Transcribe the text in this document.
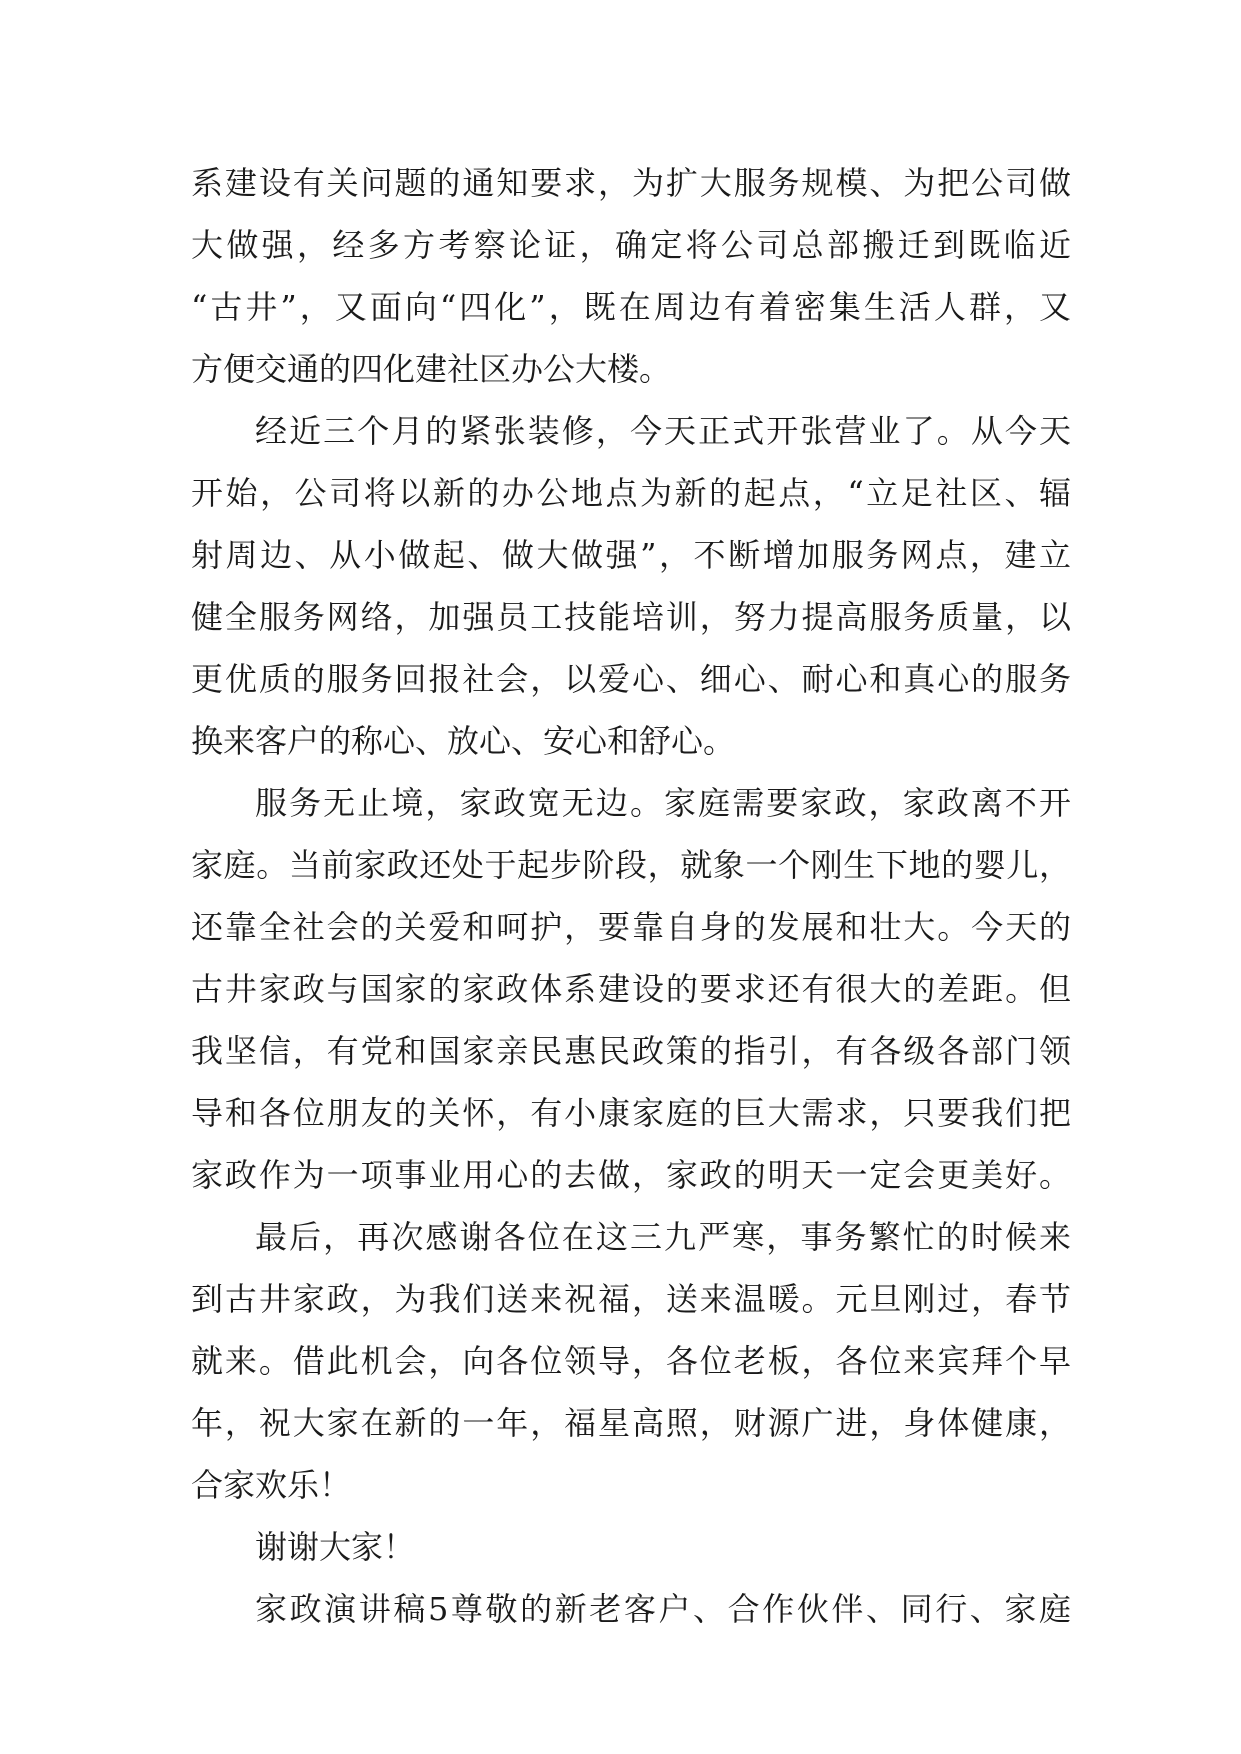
系建设有关问题的通知要求，为扩大服务规模、为把公司做
大做强，经多方考察论证，确定将公司总部搬迁到既临近
“古井”，又面向“四化”，既在周边有着密集生活人群，又
方便交通的四化建社区办公大楼。
经近三个月的紧张装修，今天正式开张营业了。从今天
开始，公司将以新的办公地点为新的起点，“立足社区、辐
射周边、从小做起、做大做强”，不断增加服务网点，建立
健全服务网络，加强员工技能培训，努力提高服务质量，以
更优质的服务回报社会，以爱心、细心、耐心和真心的服务
换来客户的称心、放心、安心和舒心。
服务无止境，家政宽无边。家庭需要家政，家政离不开
家庭。当前家政还处于起步阶段，就象一个刚生下地的婴儿，
还靠全社会的关爱和呵护，要靠自身的发展和壮大。今天的
古井家政与国家的家政体系建设的要求还有很大的差距。但
我坚信，有党和国家亲民惠民政策的指引，有各级各部门领
导和各位朋友的关怀，有小康家庭的巨大需求，只要我们把
家政作为一项事业用心的去做，家政的明天一定会更美好。
最后，再次感谢各位在这三九严寒，事务繁忙的时候来
到古井家政，为我们送来祝福，送来温暖。元旦刚过，春节
就来。借此机会，向各位领导，各位老板，各位来宾拜个早
年，祝大家在新的一年，福星高照，财源广进，身体健康，
合家欢乐！
谢谢大家！
家政演讲稿5尊敬的新老客户、合作伙伴、同行、家庭
